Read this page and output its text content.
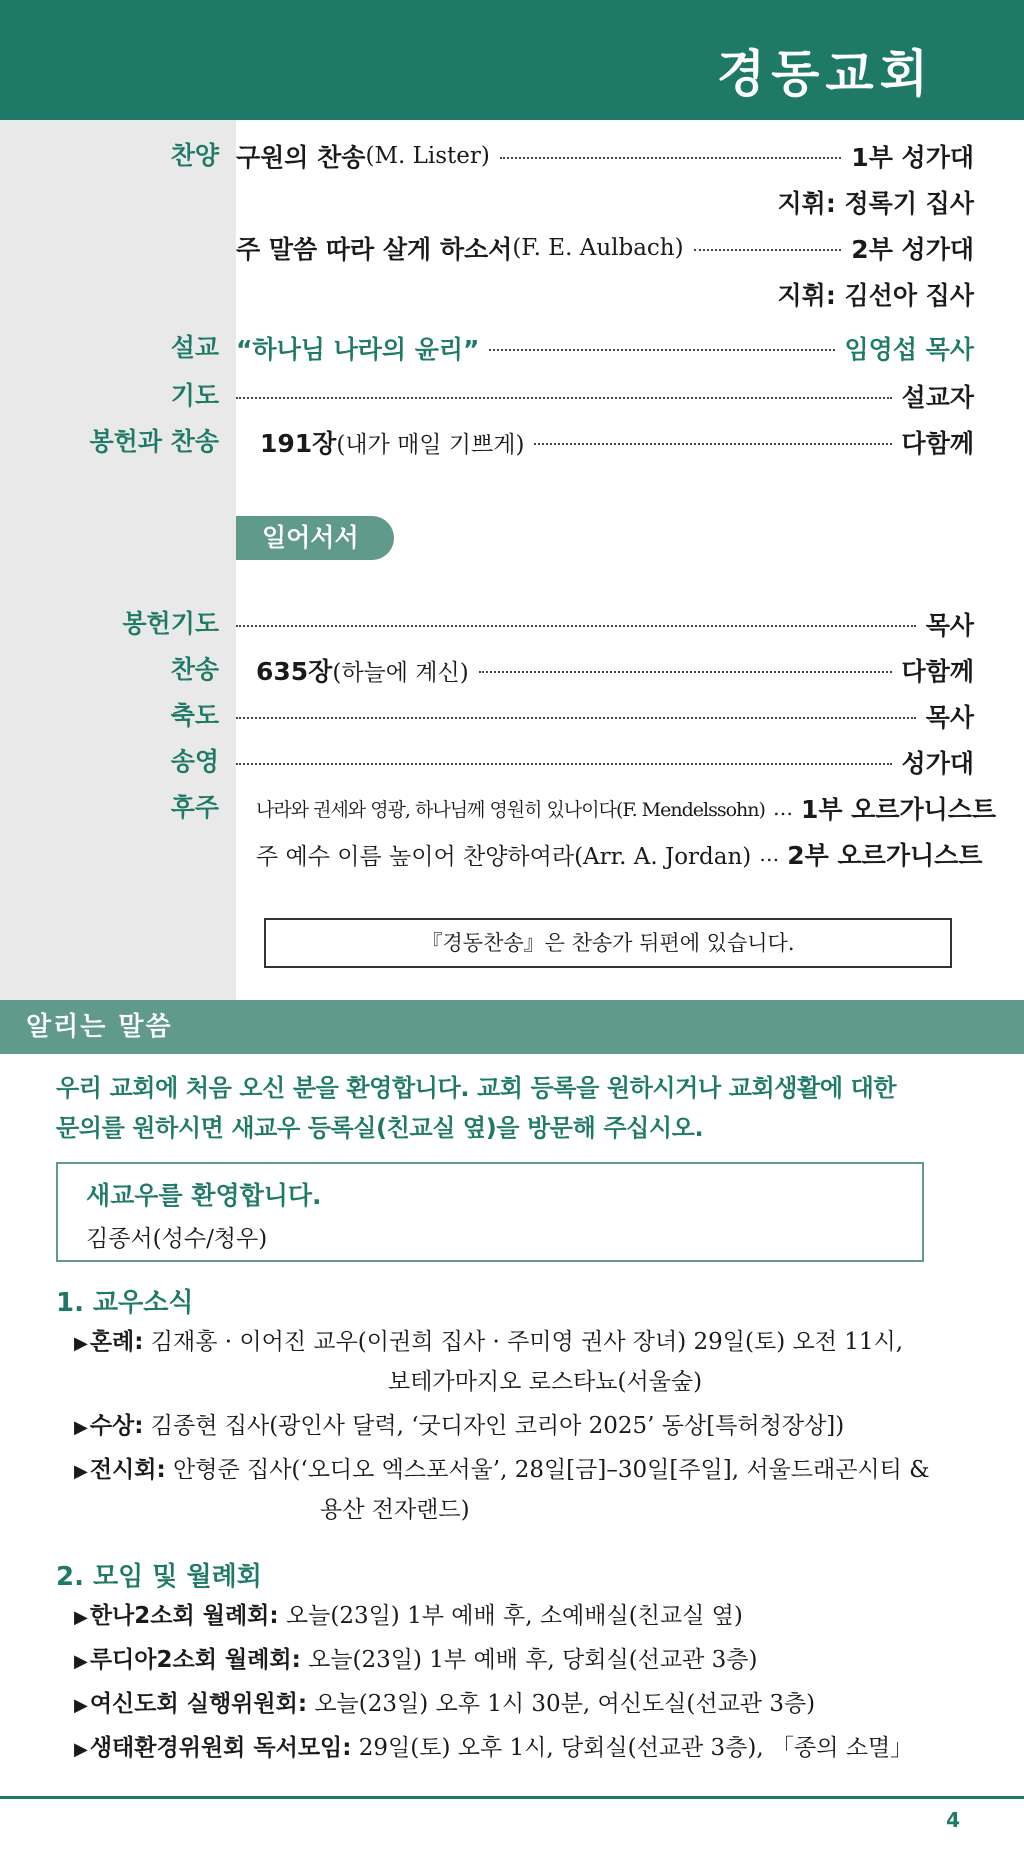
경동교회
찬양 구원의 찬송 (M. Lister)	1부 성가대
지휘: 정록기 집사
주 말씀 따라 살게 하소서 (F. E. Aulbach)	2부 성가대
지휘: 김선아 집사
설교 “하나님 나라의 윤리”	임영섭 목사
기도	설교자
봉헌과 찬송 191장 (내가 매일 기쁘게)	다함께
일어서서
봉헌기도	목사
찬송 635장 (하늘에 계신)	다함께
축도	목사
송영	성가대
후주 나라와 권세와 영광, 하나님께 영원히 있나이다(F. Mendelssohn) … 1부 오르가니스트
주 예수 이름 높이어 찬양하여라(Arr. A. Jordan) … 2부 오르가니스트
『경동찬송』은 찬송가 뒤편에 있습니다.
알리는 말씀

우리 교회에 처음 오신 분을 환영합니다. 교회 등록을 원하시거나 교회생활에 대한

문의를 원하시면 새교우 등록실(친교실 옆)을 방문해 주십시오.

새교우를 환영합니다.
김종서(성수/청우)
1. 교우소식
▶혼례: 김재홍 · 이어진 교우(이권희 집사 · 주미영 권사 장녀) 29일(토) 오전 11시,
보테가마지오 로스타뇨(서울숲)
▶수상: 김종현 집사(광인사 달력, ‘굿디자인 코리아 2025’ 동상[특허청장상])
▶전시회: 안형준 집사(‘오디오 엑스포서울’, 28일[금]–30일[주일], 서울드래곤시티 &
용산 전자랜드)
2. 모임 및 월례회
▶한나2소회 월례회: 오늘(23일) 1부 예배 후, 소예배실(친교실 옆)
▶루디아2소회 월례회: 오늘(23일) 1부 예배 후, 당회실(선교관 3층)
▶여신도회 실행위원회: 오늘(23일) 오후 1시 30분, 여신도실(선교관 3층)
▶생태환경위원회 독서모임: 29일(토) 오후 1시, 당회실(선교관 3층), 「종의 소멸」
4
